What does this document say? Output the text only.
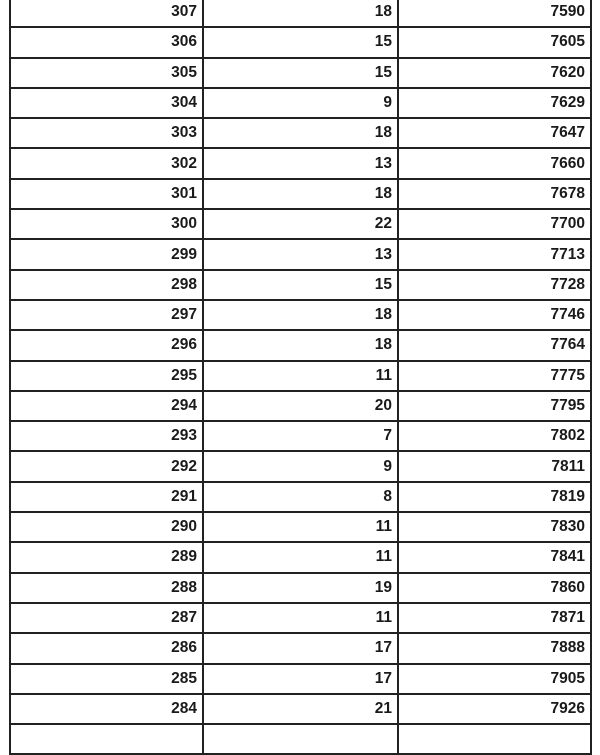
307	18	7590
306	15	7605
305	15	7620
304	9	7629
303	18	7647
302	13	7660
301	18	7678
300	22	7700
299	13	7713
298	15	7728
297	18	7746
296	18	7764
295	11	7775
294	20	7795
293	7	7802
292	9	7811
291	8	7819
290	11	7830
289	11	7841
288	19	7860
287	11	7871
286	17	7888
285	17	7905
284	21	7926
